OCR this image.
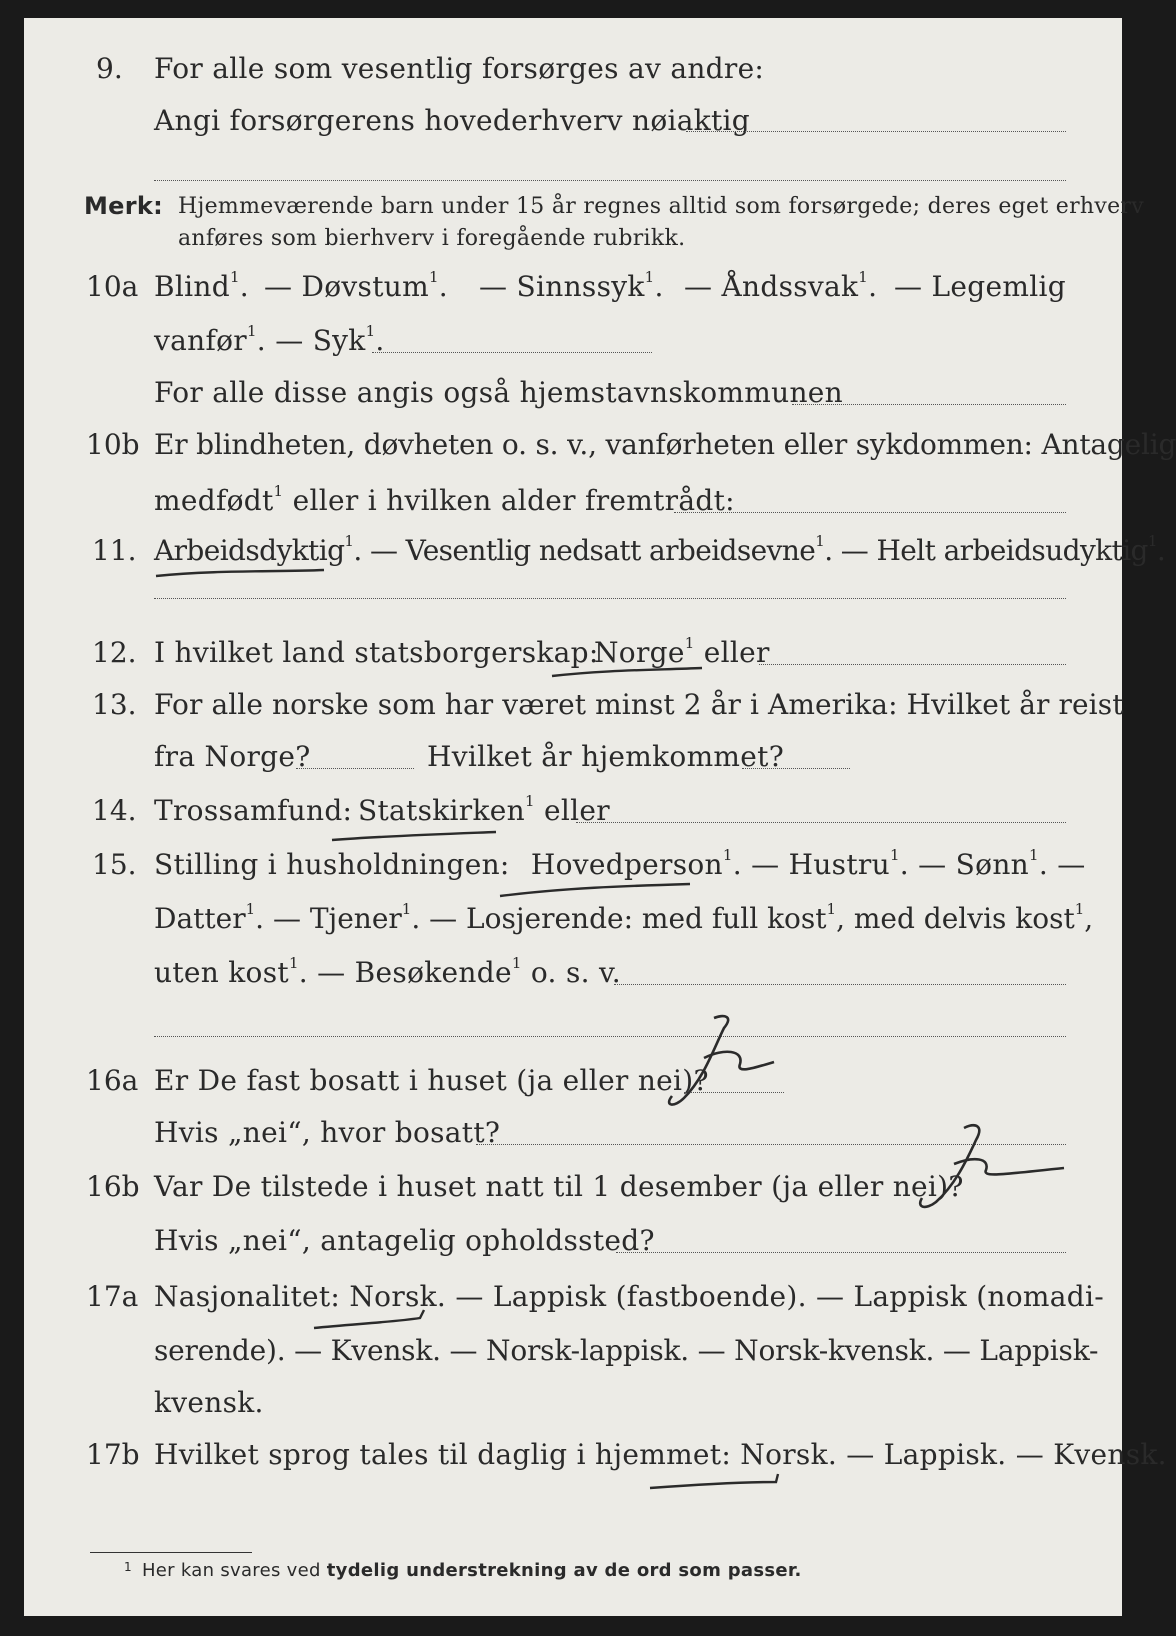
9. For alle som vesentlig forsørges av andre:
Angi forsørgerens hovederhverv nøiaktig
Merk: Hjemmeværende barn under 15 år regnes alltid som forsørgede; deres eget erhverv
anføres som bierhverv i foregående rubrikk.
10a Blind$^1$. — Døvstum$^1$. — Sinnssyk$^1$. — Åndssvak$^1$. — Legemlig
vanfør$^1$. — Syk$^1$.
For alle disse angis også hjemstavnskommunen
10b Er blindheten, døvheten o. s. v., vanførheten eller sykdommen: Antagelig
medfødt$^1$ eller i hvilken alder fremtrådt:
11. Arbeidsdyktig$^1$. — Vesentlig nedsatt arbeidsevne$^1$. — Helt arbeidsudyktig$^1$.
12. I hvilket land statsborgerskap:
Norge$^1$ eller
13. For alle norske som har været minst 2 år i Amerika: Hvilket år reist
fra Norge?	Hvilket år hjemkommet?
14. Trossamfund: Statskirken$^1$ eller
15. Stilling i husholdningen: Hovedperson$^1$. — Hustru$^1$. — Sønn$^1$. —
Datter$^1$. — Tjener$^1$. — Losjerende: med full kost$^1$, med delvis kost$^1$,
uten kost$^1$. — Besøkende$^1$ o. s. v.
16a Er De fast bosatt i huset (ja eller nei)?
Hvis „nei“, hvor bosatt?
16b Var De tilstede i huset natt til 1 desember (ja eller nei)?
Hvis „nei“, antagelig opholdssted?
17a Nasjonalitet: Norsk. — Lappisk (fastboende). — Lappisk (nomadi-
serende). — Kvensk. — Norsk-lappisk. — Norsk-kvensk. — Lappisk-
kvensk.
17b Hvilket sprog tales til daglig i hjemmet: Norsk. — Lappisk. — Kvensk.
$^1$ Her kan svares ved tydelig understrekning av de ord som passer.
